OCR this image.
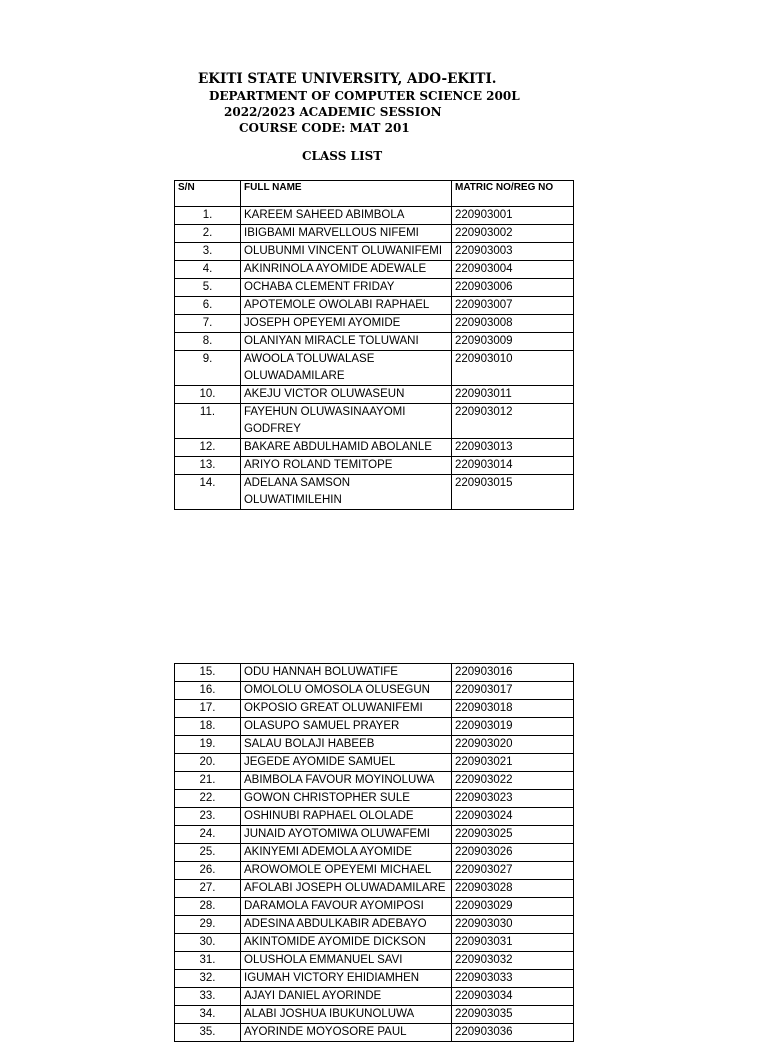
EKITI STATE UNIVERSITY, ADO-EKITI.
DEPARTMENT OF COMPUTER SCIENCE 200L
2022/2023 ACADEMIC SESSION
COURSE CODE: MAT 201
CLASS LIST
S/N	FULL NAME	MATRIC NO/REG NO
1.	KAREEM SAHEED ABIMBOLA	220903001
2.	IBIGBAMI MARVELLOUS NIFEMI	220903002
3.	OLUBUNMI VINCENT OLUWANIFEMI	220903003
4.	AKINRINOLA AYOMIDE ADEWALE	220903004
5.	OCHABA CLEMENT FRIDAY	220903006
6.	APOTEMOLE OWOLABI RAPHAEL	220903007
7.	JOSEPH OPEYEMI AYOMIDE	220903008
8.	OLANIYAN MIRACLE TOLUWANI	220903009
9.	AWOOLA TOLUWALASE OLUWADAMILARE	220903010
10.	AKEJU VICTOR OLUWASEUN	220903011
11.	FAYEHUN OLUWASINAAYOMI GODFREY	220903012
12.	BAKARE ABDULHAMID ABOLANLE	220903013
13.	ARIYO ROLAND TEMITOPE	220903014
14.	ADELANA SAMSON OLUWATIMILEHIN	220903015
15.	ODU HANNAH BOLUWATIFE	220903016
16.	OMOLOLU OMOSOLA OLUSEGUN	220903017
17.	OKPOSIO GREAT OLUWANIFEMI	220903018
18.	OLASUPO SAMUEL PRAYER	220903019
19.	SALAU BOLAJI HABEEB	220903020
20.	JEGEDE AYOMIDE SAMUEL	220903021
21.	ABIMBOLA FAVOUR MOYINOLUWA	220903022
22.	GOWON CHRISTOPHER SULE	220903023
23.	OSHINUBI RAPHAEL OLOLADE	220903024
24.	JUNAID AYOTOMIWA OLUWAFEMI	220903025
25.	AKINYEMI ADEMOLA AYOMIDE	220903026
26.	AROWOMOLE OPEYEMI MICHAEL	220903027
27.	AFOLABI JOSEPH OLUWADAMILARE	220903028
28.	DARAMOLA FAVOUR AYOMIPOSI	220903029
29.	ADESINA ABDULKABIR ADEBAYO	220903030
30.	AKINTOMIDE AYOMIDE DICKSON	220903031
31.	OLUSHOLA EMMANUEL SAVI	220903032
32.	IGUMAH VICTORY EHIDIAMHEN	220903033
33.	AJAYI DANIEL AYORINDE	220903034
34.	ALABI JOSHUA IBUKUNOLUWA	220903035
35.	AYORINDE MOYOSORE PAUL	220903036
